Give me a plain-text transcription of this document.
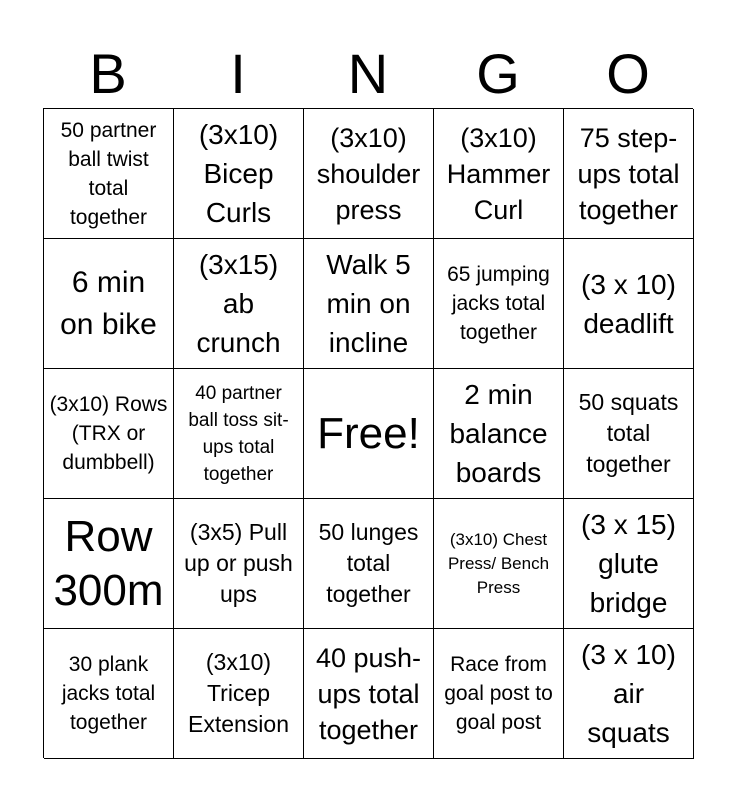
B	I	N	G	O
50 partner ball twist total together
(3x10) Bicep Curls
(3x10) shoulder press
(3x10) Hammer Curl
75 step-ups total together
6 min on bike
(3x15) ab crunch
Walk 5 min on incline
65 jumping jacks total together
(3 x 10) deadlift
(3x10) Rows (TRX or dumbbell)
40 partner ball toss sit-ups total together
Free!
2 min balance boards
50 squats total together
Row 300m
(3x5) Pull up or push ups
50 lunges total together
(3x10) Chest Press/ Bench Press
(3 x 15) glute bridge
30 plank jacks total together
(3x10) Tricep Extension
40 push-ups total together
Race from goal post to goal post
(3 x 10) air squats
